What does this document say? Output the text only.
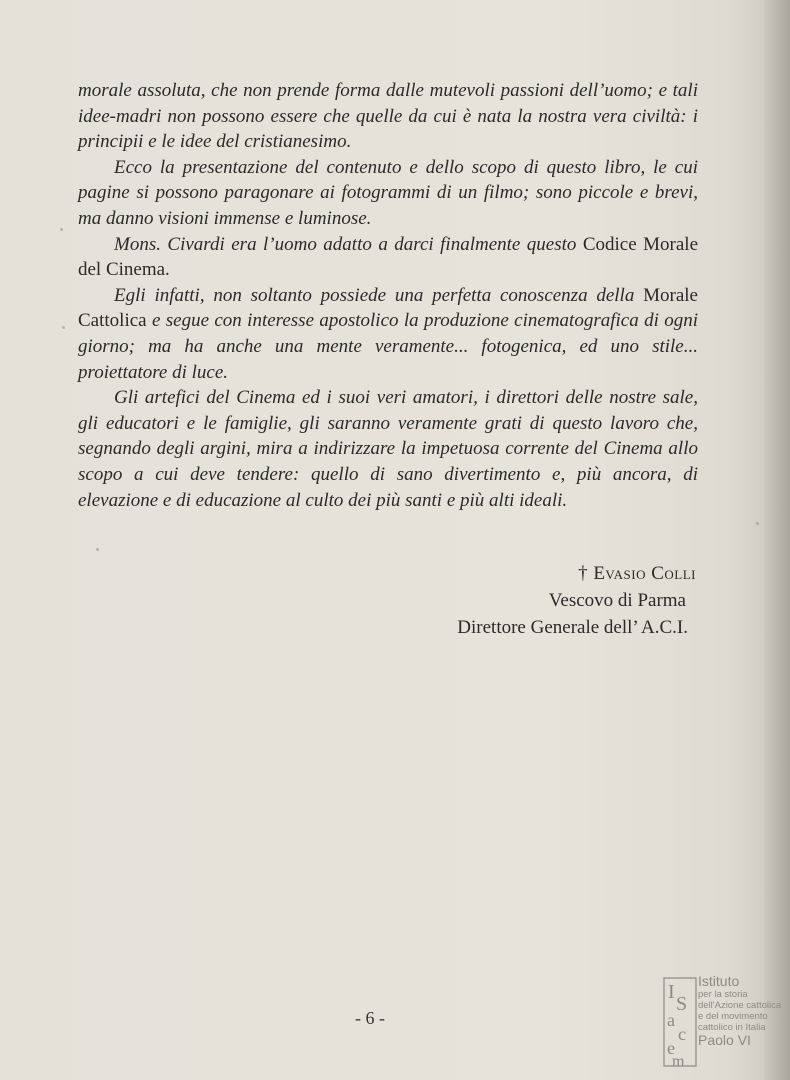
morale assoluta, che non prende forma dalle mutevoli passioni dell’uomo; e tali idee-madri non possono essere che quelle da cui è nata la nostra vera civiltà: i principii e le idee del cristianesimo.

Ecco la presentazione del contenuto e dello scopo di questo libro, le cui pagine si possono paragonare ai fotogrammi di un filmo; sono piccole e brevi, ma danno visioni immense e luminose.

Mons. Civardi era l’uomo adatto a darci finalmente questo Codice Morale del Cinema.

Egli infatti, non soltanto possiede una perfetta conoscenza della Morale Cattolica e segue con interesse apostolico la produzione cinematografica di ogni giorno; ma ha anche una mente veramente... fotogenica, ed uno stile... proiettatore di luce.

Gli artefici del Cinema ed i suoi veri amatori, i direttori delle nostre sale, gli educatori e le famiglie, gli saranno veramente grati di questo lavoro che, segnando degli argini, mira a indirizzare la impetuosa corrente del Cinema allo scopo a cui deve tendere: quello di sano divertimento e, più ancora, di elevazione e di educazione al culto dei più santi e più alti ideali.

† Evasio Colli
Vescovo di Parma
Direttore Generale dell’ A.C.I.
- 6 -
I
S
a
c
e
m
Istituto
per la storia
dell'Azione cattolica
e del movimento
cattolico in Italia
Paolo VI
